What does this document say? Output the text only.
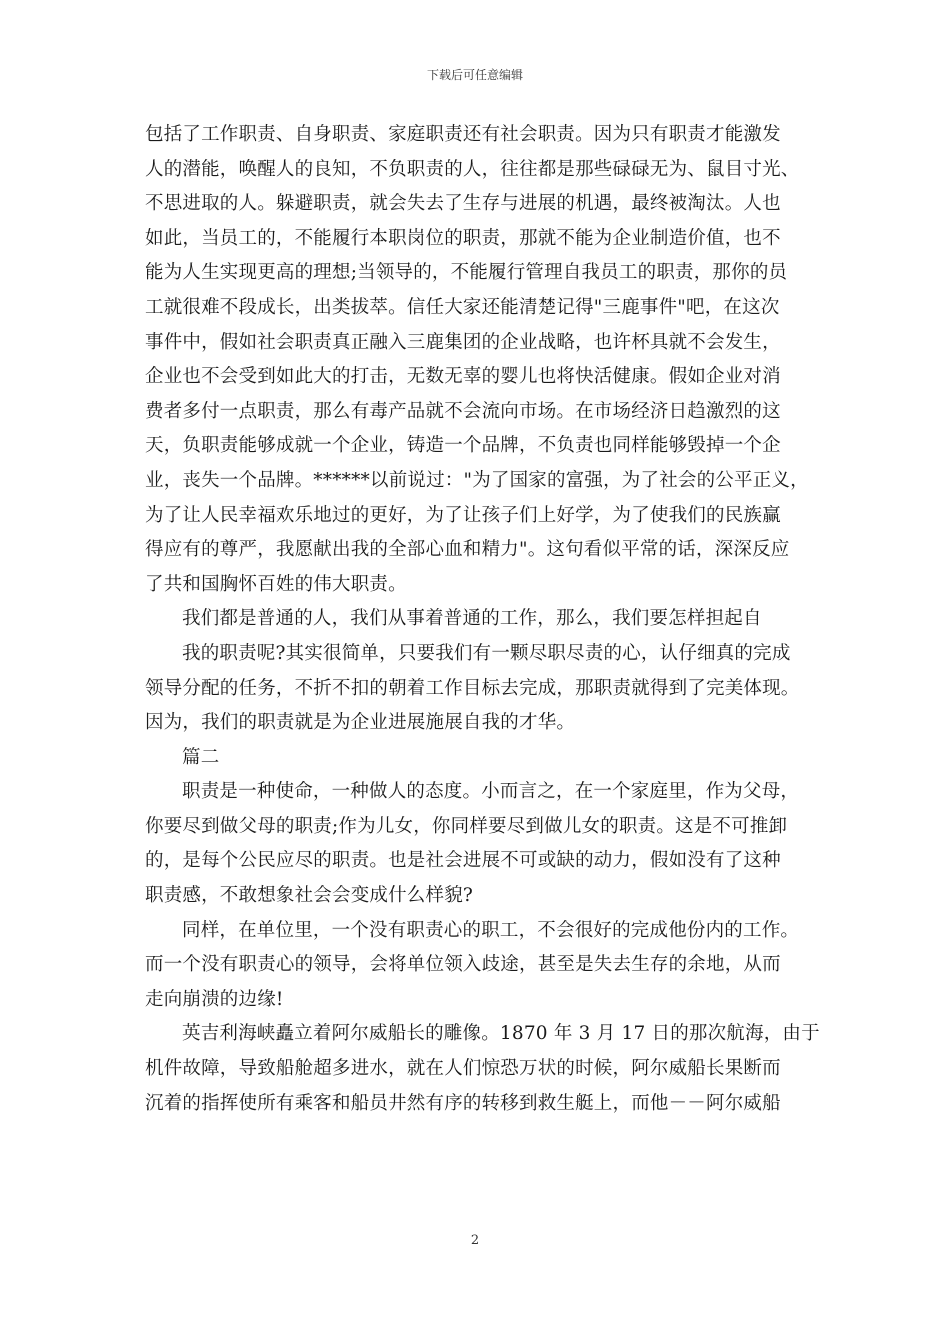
下载后可任意编辑
包括了工作职责、自身职责、家庭职责还有社会职责。因为只有职责才能激发
人的潜能，唤醒人的良知，不负职责的人，往往都是那些碌碌无为、鼠目寸光、
不思进取的人。躲避职责，就会失去了生存与进展的机遇，最终被淘汰。人也
如此，当员工的，不能履行本职岗位的职责，那就不能为企业制造价值，也不
能为人生实现更高的理想;当领导的，不能履行管理自我员工的职责，那你的员
工就很难不段成长，出类拔萃。信任大家还能清楚记得"三鹿事件"吧，在这次
事件中，假如社会职责真正融入三鹿集团的企业战略，也许杯具就不会发生，
企业也不会受到如此大的打击，无数无辜的婴儿也将快活健康。假如企业对消
费者多付一点职责，那么有毒产品就不会流向市场。在市场经济日趋激烈的这
天，负职责能够成就一个企业，铸造一个品牌，不负责也同样能够毁掉一个企
业，丧失一个品牌。******以前说过："为了国家的富强，为了社会的公平正义，
为了让人民幸福欢乐地过的更好，为了让孩子们上好学，为了使我们的民族赢
得应有的尊严，我愿献出我的全部心血和精力"。这句看似平常的话，深深反应
了共和国胸怀百姓的伟大职责。
我们都是普通的人，我们从事着普通的工作，那么，我们要怎样担起自
我的职责呢?其实很简单，只要我们有一颗尽职尽责的心，认仔细真的完成
领导分配的任务，不折不扣的朝着工作目标去完成，那职责就得到了完美体现。
因为，我们的职责就是为企业进展施展自我的才华。
篇二
职责是一种使命，一种做人的态度。小而言之，在一个家庭里，作为父母，
你要尽到做父母的职责;作为儿女，你同样要尽到做儿女的职责。这是不可推卸
的，是每个公民应尽的职责。也是社会进展不可或缺的动力，假如没有了这种
职责感，不敢想象社会会变成什么样貌?
同样，在单位里，一个没有职责心的职工，不会很好的完成他份内的工作。
而一个没有职责心的领导，会将单位领入歧途，甚至是失去生存的余地，从而
走向崩溃的边缘!
英吉利海峡矗立着阿尔威船长的雕像。1870 年 3 月 17 日的那次航海，由于
机件故障，导致船舱超多进水，就在人们惊恐万状的时候，阿尔威船长果断而
沉着的指挥使所有乘客和船员井然有序的转移到救生艇上，而他－－阿尔威船
2
